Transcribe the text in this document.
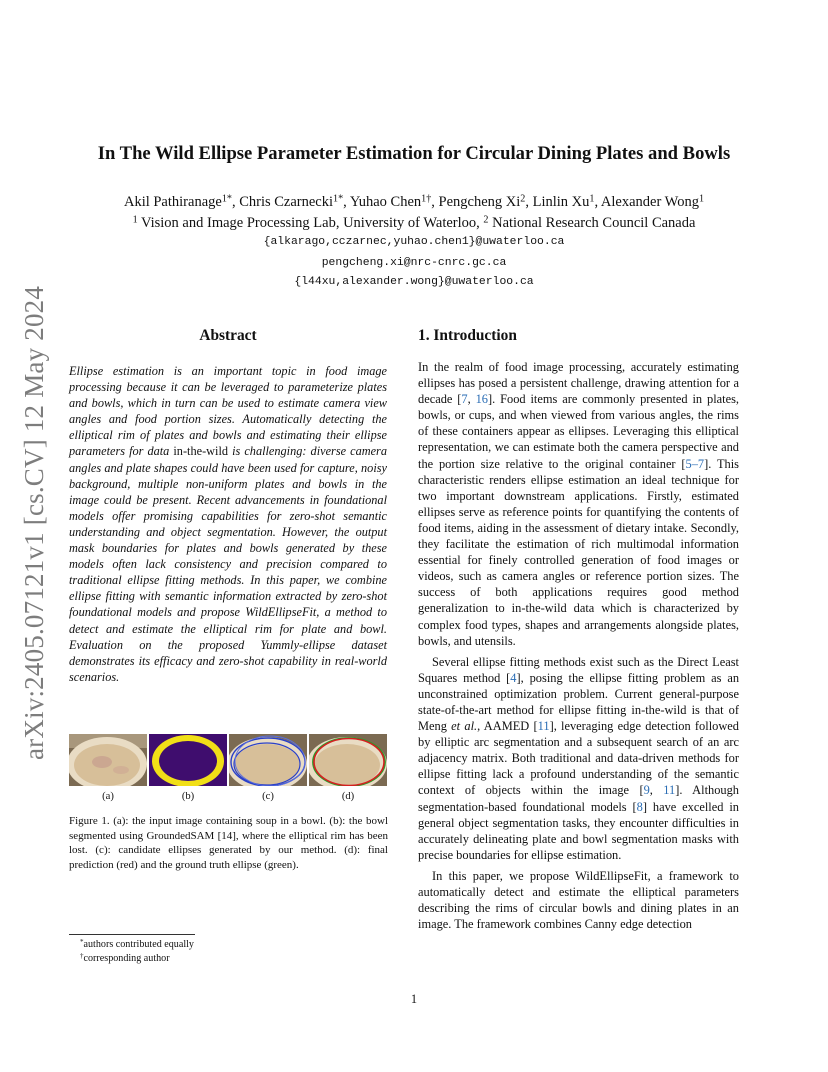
arXiv:2405.07121v1 [cs.CV] 12 May 2024
In The Wild Ellipse Parameter Estimation for Circular Dining Plates and Bowls
Akil Pathiranage$^{1*}$, Chris Czarnecki$^{1*}$, Yuhao Chen$^{1\dagger}$, Pengcheng Xi$^2$, Linlin Xu$^1$, Alexander Wong$^1$
$^1$ Vision and Image Processing Lab, University of Waterloo, $^2$ National Research Council Canada
{alkarago,cczarnec,yuhao.chen1}@uwaterloo.ca
pengcheng.xi@nrc-cnrc.gc.ca
{l44xu,alexander.wong}@uwaterloo.ca
Abstract
Ellipse estimation is an important topic in food image processing because it can be leveraged to parameterize plates and bowls, which in turn can be used to estimate camera view angles and food portion sizes. Automatically detecting the elliptical rim of plates and bowls and estimating their ellipse parameters for data in-the-wild is challenging: diverse camera angles and plate shapes could have been used for capture, noisy background, multiple non-uniform plates and bowls in the image could be present. Recent advancements in foundational models offer promising capabilities for zero-shot semantic understanding and object segmentation. However, the output mask boundaries for plates and bowls generated by these models often lack consistency and precision compared to traditional ellipse fitting methods. In this paper, we combine ellipse fitting with semantic information extracted by zero-shot foundational models and propose WildEllipseFit, a method to detect and estimate the elliptical rim for plate and bowl. Evaluation on the proposed Yummly-ellipse dataset demonstrates its efficacy and zero-shot capability in real-world scenarios.
(a)	(b)	(c)	(d)
Figure 1. (a): the input image containing soup in a bowl. (b): the bowl segmented using GroundedSAM [14], where the elliptical rim has been lost. (c): candidate ellipses generated by our method. (d): final prediction (red) and the ground truth ellipse (green).
*authors contributed equally
†corresponding author
1. Introduction

In the realm of food image processing, accurately estimating ellipses has posed a persistent challenge, drawing attention for a decade [7, 16]. Food items are commonly presented in plates, bowls, or cups, and when viewed from various angles, the rims of these containers appear as ellipses. Leveraging this elliptical representation, we can estimate both the camera perspective and the portion size relative to the original container [5–7]. This characteristic renders ellipse estimation an ideal technique for two important downstream applications. Firstly, estimated ellipses serve as reference points for quantifying the contents of food items, aiding in the assessment of dietary intake. Secondly, they facilitate the estimation of rich multimodal information essential for finely controlled generation of food images or videos, such as camera angles or reference portion sizes. The success of both applications requires good method generalization to in-the-wild data which is characterized by complex food types, shapes and arrangements alongside plates, bowls, and utensils.

Several ellipse fitting methods exist such as the Direct Least Squares method [4], posing the ellipse fitting problem as an unconstrained optimization problem. Current general-purpose state-of-the-art method for ellipse fitting in-the-wild is that of Meng et al., AAMED [11], leveraging edge detection followed by elliptic arc segmentation and a subsequent search of an arc adjacency matrix. Both traditional and data-driven methods for ellipse fitting lack a profound understanding of the semantic context of objects within the image [9, 11]. Although segmentation-based foundational models [8] have excelled in general object segmentation tasks, they encounter difficulties in accurately delineating plate and bowl segmentation masks with precise boundaries for ellipse estimation.

In this paper, we propose WildEllipseFit, a framework to automatically detect and estimate the elliptical parameters describing the rims of circular bowls and dining plates in an image. The framework combines Canny edge detection

1
